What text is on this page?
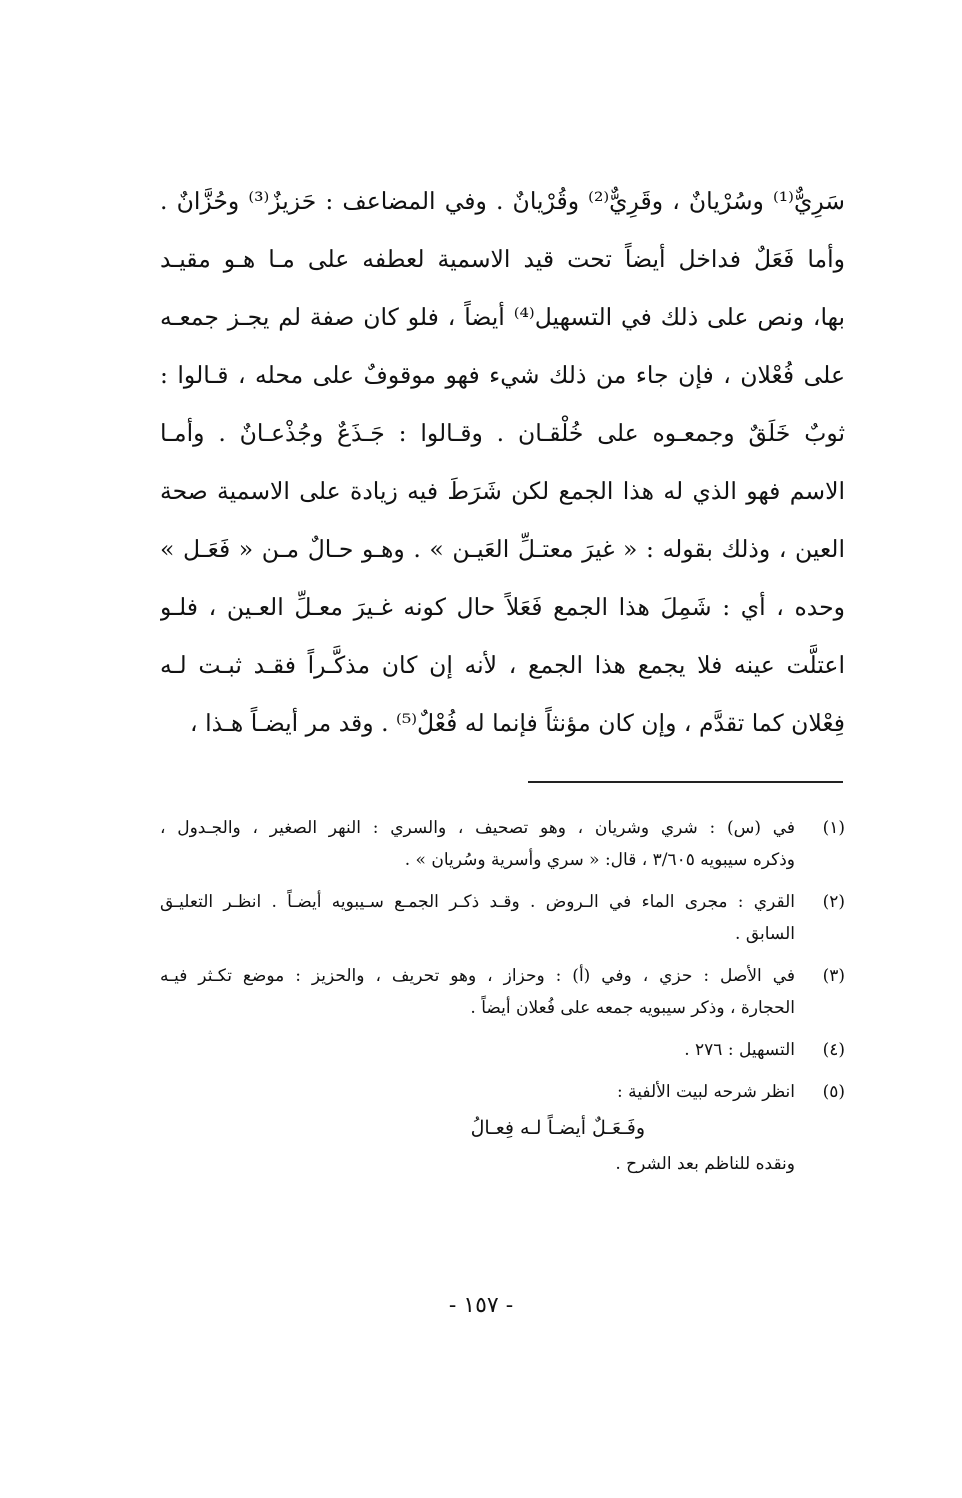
سَرِيٌّ⁽¹⁾ وسُرْيانٌ ، وقَرِيٌّ⁽²⁾ وقُرْيانٌ . وفي المضاعف : حَزيزٌ⁽³⁾ وحُزَّانٌ .
وأما فَعَلٌ فداخل أيضاً تحت قيد الاسمية لعطفه على مـا هـو مقيـد
بها، ونص على ذلك في التسهيل⁽⁴⁾ أيضاً ، فلو كان صفة لم يجـز جمعـه
على فُعْلان ، فإن جاء من ذلك شيء فهو موقوفٌ على محله ، قـالوا :
ثوبٌ خَلَقٌ وجمعـوه على خُلْقـان . وقـالوا : جَـذَعٌ وجُذْعـانٌ . وأمـا
الاسم فهو الذي له هذا الجمع لكن شَرَطَ فيه زيادة على الاسمية صحة
العين ، وذلك بقوله : « غيرَ معتـلِّ العَيـن » . وهـو حـالٌ مـن « فَعَـل »
وحده ، أي : شَمِلَ هذا الجمع فَعَلاً حال كونه غـيرَ معـلِّ العـين ، فلـو
اعتلَّت عينه فلا يجمع هذا الجمع ، لأنه إن كان مذكَّـراً فقـد ثبـت لـه
فِعْلان كما تقدَّم ، وإن كان مؤنثاً فإنما له فُعْلٌ⁽⁵⁾ . وقد مر أيضـاً هـذا ،
(١)
في (س) : شري وشريان ، وهو تصحيف ، والسري : النهر الصغير ، والجـدول ،
وذكره سيبويه ٣/٦٠٥ ، قال: « سري وأسرية وسُريان » .
(٢)
القري : مجرى الماء في الـروض . وقـد ذكـر الجمـع سـيبويه أيضـاً . انظـر التعليـق
السابق .
(٣)
في الأصل : حزي ، وفي (أ) : وحزاز ، وهو تحريف ، والحزيز : موضع تكـثر فيـه
الحجارة ، وذكر سيبويه جمعه على فُعلان أيضاً .
(٤)
التسهيل : ٢٧٦ .
(٥)
انظر شرحه لبيت الألفية :
وفَـعَـلٌ أيضـاً لـه فِعـالُ
ونقده للناظم بعد الشرح .
- ١٥٧ -
